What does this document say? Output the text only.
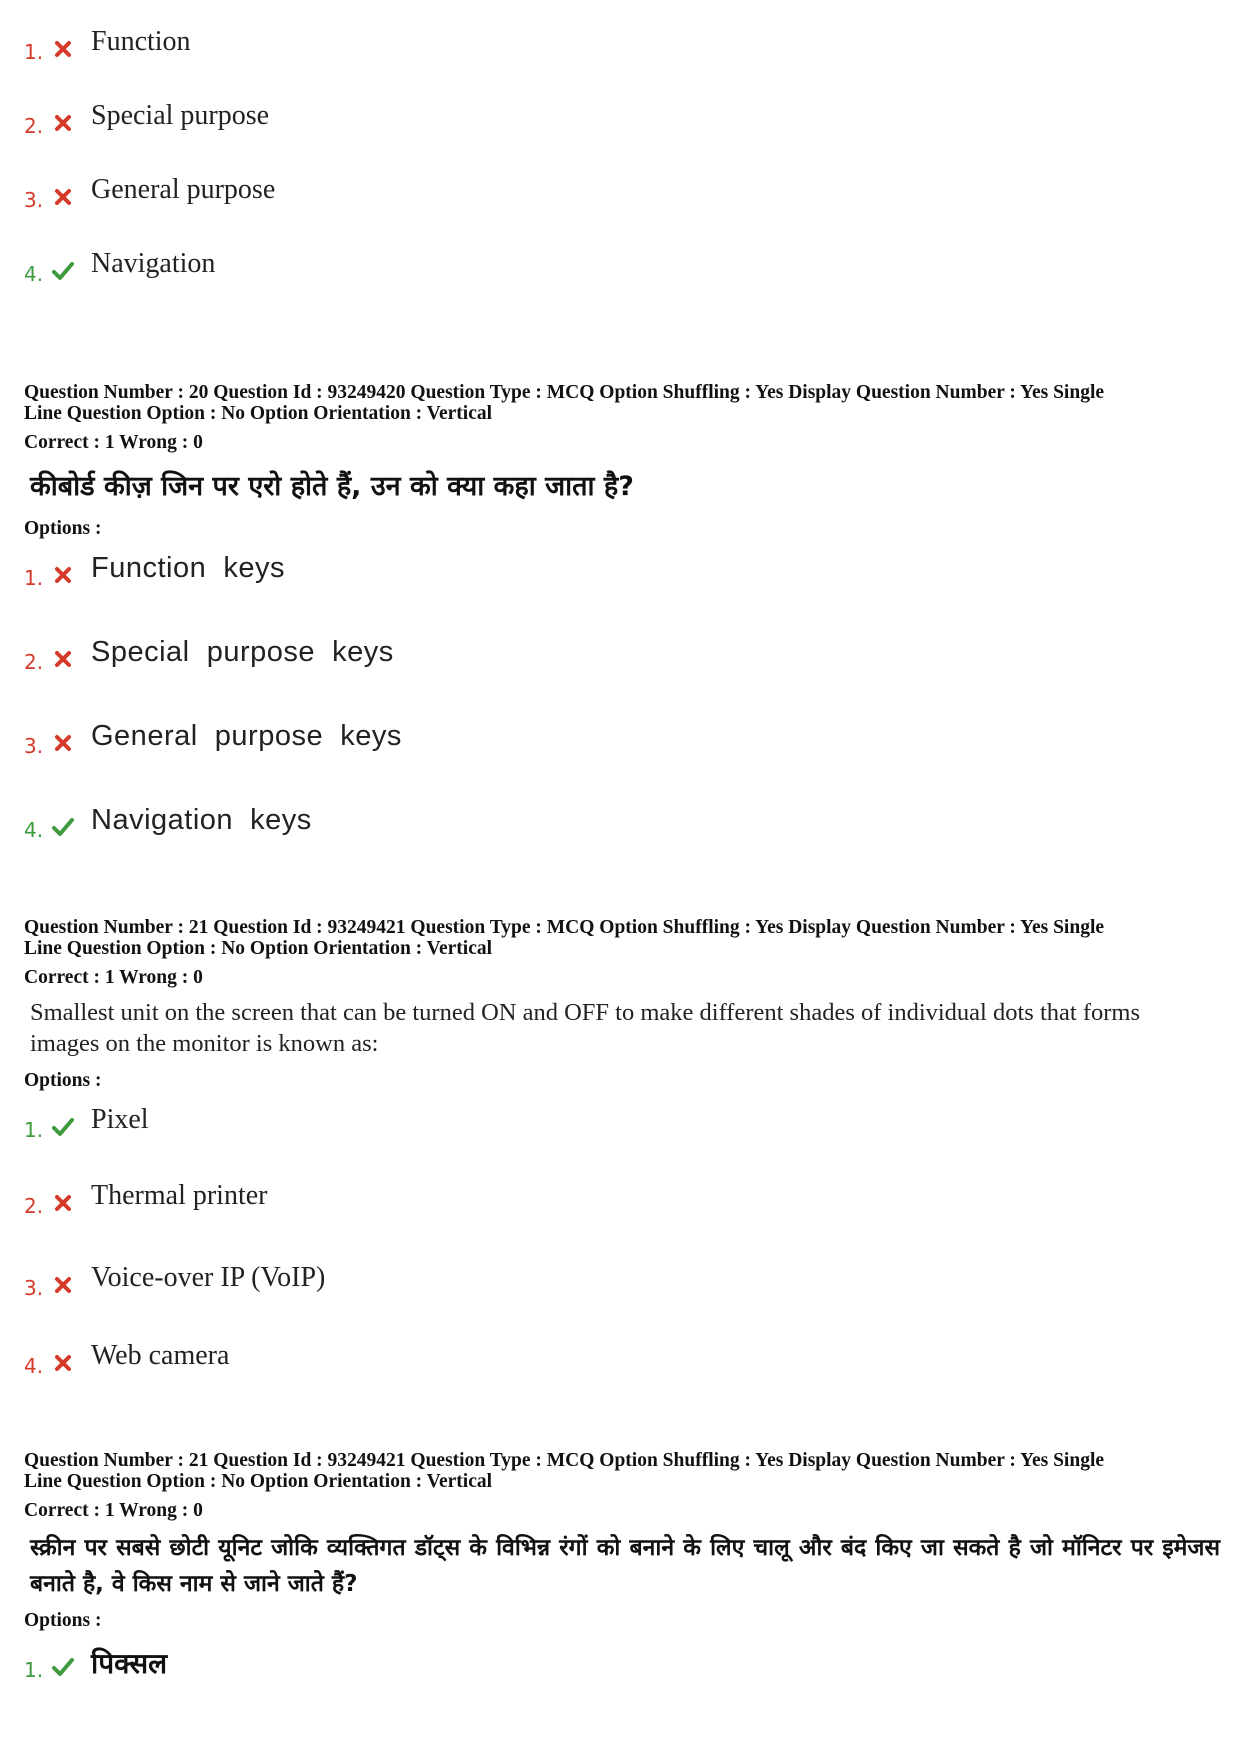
1. Function
2. Special purpose
3. General purpose
4. Navigation
Question Number : 20 Question Id : 93249420 Question Type : MCQ Option Shuffling : Yes Display Question Number : Yes Single
Line Question Option : No Option Orientation : Vertical
Correct : 1 Wrong : 0
कीबोर्ड कीज़ जिन पर एरो होते हैं, उन को क्या कहा जाता है?
Options :
1. Function  keys
2. Special  purpose  keys
3. General  purpose  keys
4. Navigation  keys
Question Number : 21 Question Id : 93249421 Question Type : MCQ Option Shuffling : Yes Display Question Number : Yes Single
Line Question Option : No Option Orientation : Vertical
Correct : 1 Wrong : 0
Smallest unit on the screen that can be turned ON and OFF to make different shades of individual dots that forms images on the monitor is known as:
Options :
1. Pixel
2. Thermal printer
3. Voice-over IP (VoIP)
4. Web camera
Question Number : 21 Question Id : 93249421 Question Type : MCQ Option Shuffling : Yes Display Question Number : Yes Single
Line Question Option : No Option Orientation : Vertical
Correct : 1 Wrong : 0
स्क्रीन पर सबसे छोटी यूनिट जोकि व्यक्तिगत डॉट्स के विभिन्न रंगों को बनाने के लिए चालू और बंद किए जा सकते है जो मॉनिटर पर इमेजस बनाते है, वे किस नाम से जाने जाते हैं?
Options :
1. पिक्सल
